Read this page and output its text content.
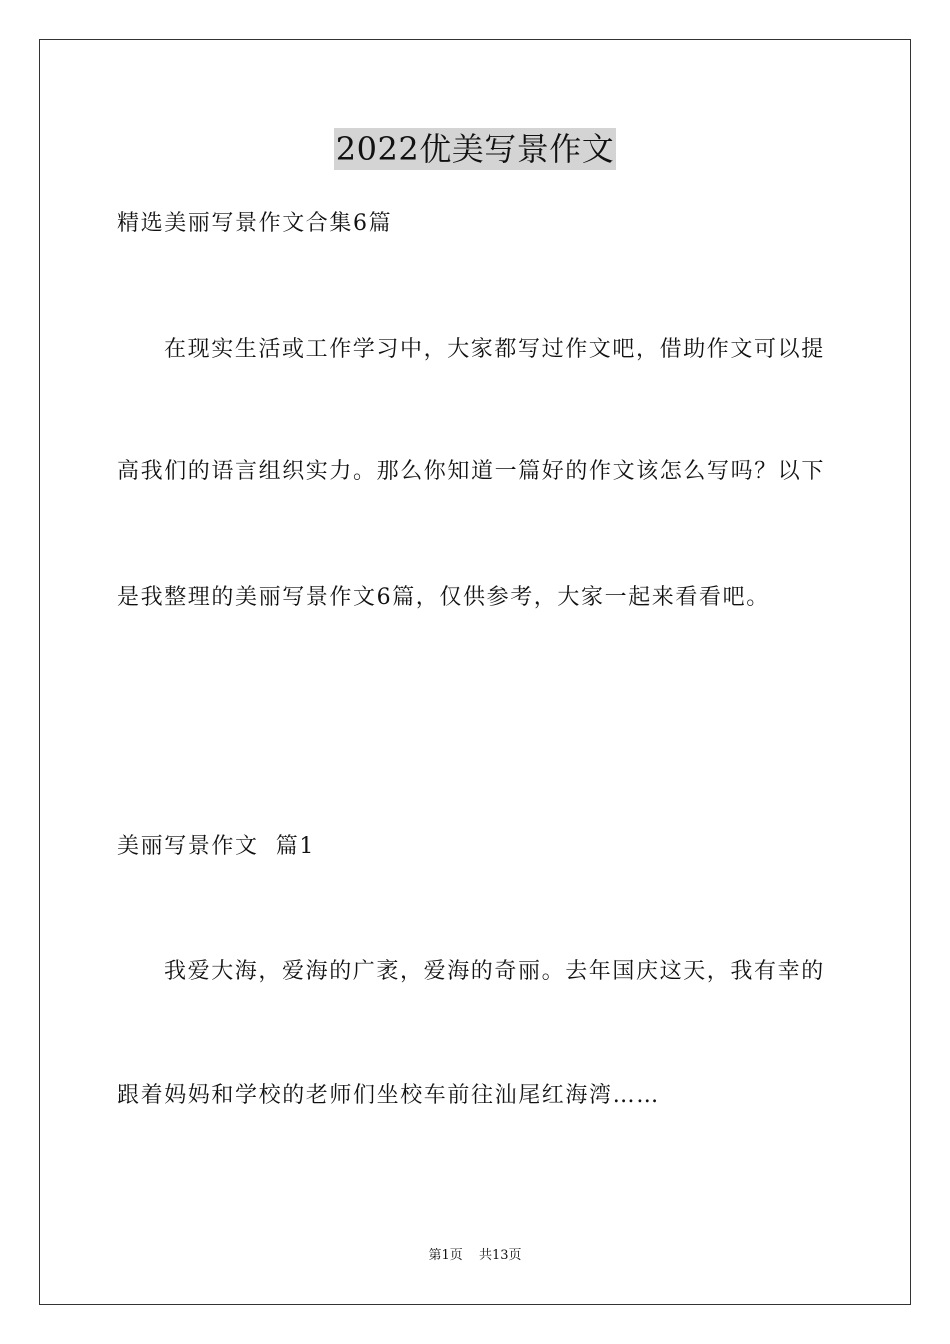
2022优美写景作文
精选美丽写景作文合集6篇
在现实生活或工作学习中，大家都写过作文吧，借助作文可以提
高我们的语言组织实力。那么你知道一篇好的作文该怎么写吗？以下
是我整理的美丽写景作文6篇，仅供参考，大家一起来看看吧。
美丽写景作文  篇1
我爱大海，爱海的广袤，爱海的奇丽。去年国庆这天，我有幸的
跟着妈妈和学校的老师们坐校车前往汕尾红海湾……
第1页 共13页
